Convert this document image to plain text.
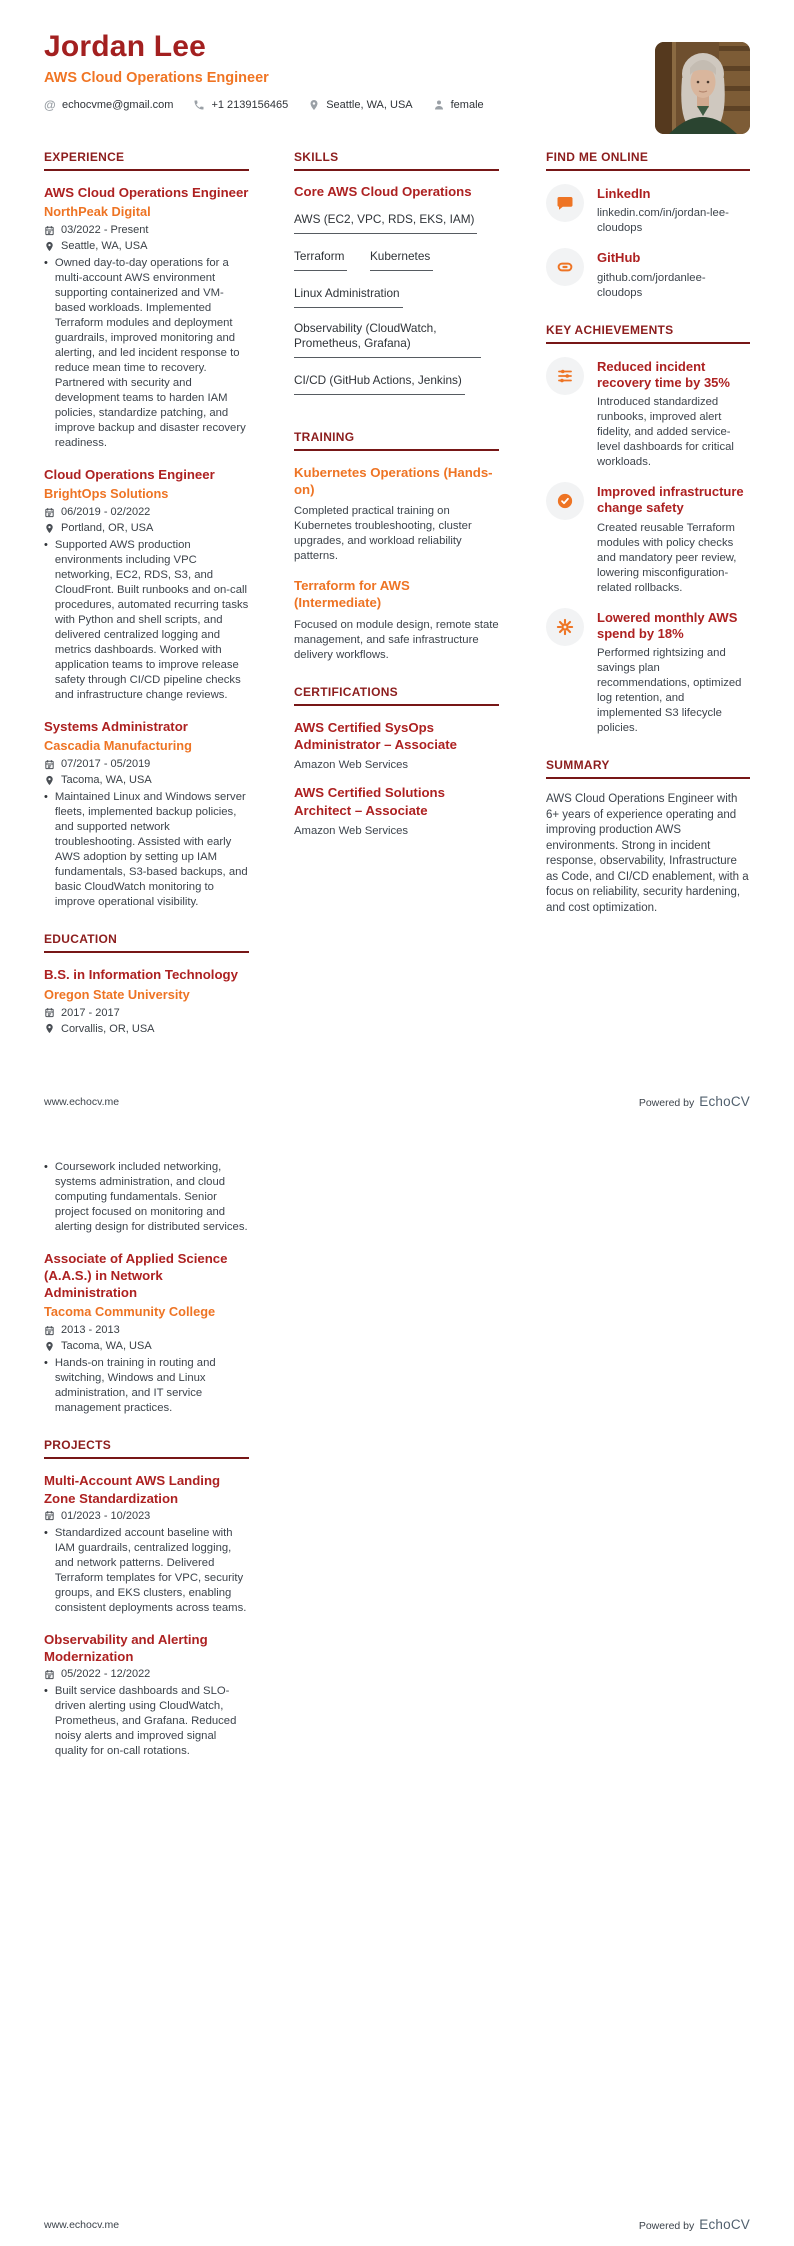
Jordan Lee
AWS Cloud Operations Engineer
@ echocvme@gmail.com	+1 2139156465	Seattle, WA, USA	female
EXPERIENCE
AWS Cloud Operations Engineer
NorthPeak Digital
03/2022 - Present
Seattle, WA, USA
• Owned day-to-day operations for a multi-account AWS environment supporting containerized and VM-based workloads. Implemented Terraform modules and deployment guardrails, improved monitoring and alerting, and led incident response to reduce mean time to recovery. Partnered with security and development teams to harden IAM policies, standardize patching, and improve backup and disaster recovery readiness.
Cloud Operations Engineer
BrightOps Solutions
06/2019 - 02/2022
Portland, OR, USA
• Supported AWS production environments including VPC networking, EC2, RDS, S3, and CloudFront. Built runbooks and on-call procedures, automated recurring tasks with Python and shell scripts, and delivered centralized logging and metrics dashboards. Worked with application teams to improve release safety through CI/CD pipeline checks and infrastructure change reviews.
Systems Administrator
Cascadia Manufacturing
07/2017 - 05/2019
Tacoma, WA, USA
• Maintained Linux and Windows server fleets, implemented backup policies, and supported network troubleshooting. Assisted with early AWS adoption by setting up IAM fundamentals, S3-based backups, and basic CloudWatch monitoring to improve operational visibility.
EDUCATION
B.S. in Information Technology
Oregon State University
2017 - 2017
Corvallis, OR, USA
SKILLS
Core AWS Cloud Operations
AWS (EC2, VPC, RDS, EKS, IAM) Terraform Kubernetes Linux Administration Observability (CloudWatch, Prometheus, Grafana) CI/CD (GitHub Actions, Jenkins)
TRAINING
Kubernetes Operations (Hands-on)
Completed practical training on Kubernetes troubleshooting, cluster upgrades, and workload reliability patterns.
Terraform for AWS (Intermediate)
Focused on module design, remote state management, and safe infrastructure delivery workflows.
CERTIFICATIONS
AWS Certified SysOps Administrator – Associate
Amazon Web Services
AWS Certified Solutions Architect – Associate
Amazon Web Services
FIND ME ONLINE
LinkedIn
linkedin.com/in/jordan-lee-cloudops
GitHub
github.com/jordanlee-cloudops
KEY ACHIEVEMENTS
Reduced incident recovery time by 35%
Introduced standardized runbooks, improved alert fidelity, and added service-level dashboards for critical workloads.
Improved infrastructure change safety
Created reusable Terraform modules with policy checks and mandatory peer review, lowering misconfiguration-related rollbacks.
Lowered monthly AWS spend by 18%
Performed rightsizing and savings plan recommendations, optimized log retention, and implemented S3 lifecycle policies.
SUMMARY
AWS Cloud Operations Engineer with 6+ years of experience operating and improving production AWS environments. Strong in incident response, observability, Infrastructure as Code, and CI/CD enablement, with a focus on reliability, security hardening, and cost optimization.
www.echocv.me	Powered by EchoCV
• Coursework included networking, systems administration, and cloud computing fundamentals. Senior project focused on monitoring and alerting design for distributed services.
Associate of Applied Science (A.A.S.) in Network Administration
Tacoma Community College
2013 - 2013
Tacoma, WA, USA
• Hands-on training in routing and switching, Windows and Linux administration, and IT service management practices.
PROJECTS
Multi-Account AWS Landing Zone Standardization
01/2023 - 10/2023
• Standardized account baseline with IAM guardrails, centralized logging, and network patterns. Delivered Terraform templates for VPC, security groups, and EKS clusters, enabling consistent deployments across teams.
Observability and Alerting Modernization
05/2022 - 12/2022
• Built service dashboards and SLO-driven alerting using CloudWatch, Prometheus, and Grafana. Reduced noisy alerts and improved signal quality for on-call rotations.
www.echocv.me	Powered by EchoCV
